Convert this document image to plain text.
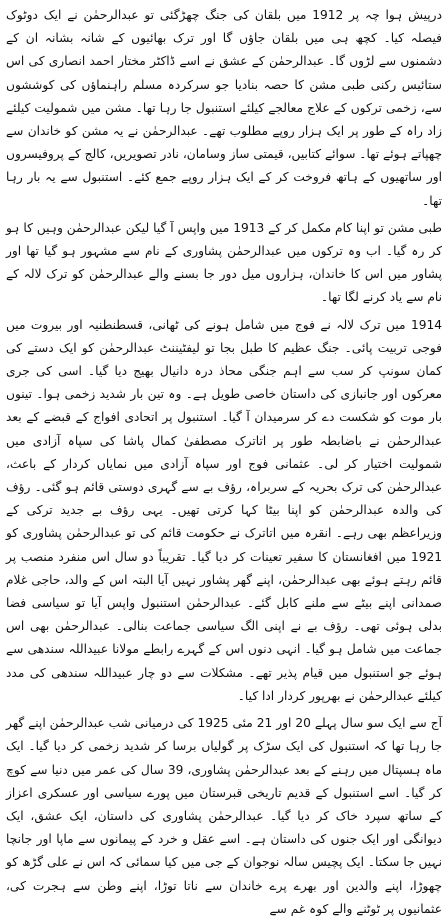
درپیش ہوا چہ پر 1912 میں بلقان کی جنگ چھڑگئی تو عبدالرحمٰن نے ایک دوٹوک فیصلہ کیا۔ کچھ ہی میں بلقان جاؤں گا اور ترک بھائیوں کے شانہ بشانہ ان کے دشمنوں سے لڑوں گا۔ عبدالرحمٰن کے عشق نے اسے ڈاکٹر مختار احمد انصاری کی اس ستائیس رکنی طبی مشن کا حصہ بنادیا جو سرکردہ مسلم راہنماؤں کی کوششوں سے، زخمی ترکوں کے علاج معالجے کیلئے استنبول جا رہا تھا۔ مشن میں شمولیت کیلئے زاد راہ کے طور پر ایک ہزار روپے مطلوب تھے۔ عبدالرحمٰن نے یہ مشن کو خاندان سے چھپاتے ہوئے تھا۔ سوائے کتابیں، قیمتی ساز وسامان، نادر تصویریں، کالج کے پروفیسروں اور ساتھیوں کے ہاتھ فروخت کر کے ایک ہزار روپے جمع کئے۔ استنبول سے یہ بار رہا تھا۔

طبی مشن تو اپنا کام مکمل کر کے 1913 میں واپس آ گیا لیکن عبدالرحمٰن وہیں کا ہو کر رہ گیا۔ اب وہ ترکوں میں عبدالرحمٰن پشاوری کے نام سے مشہور ہو گیا تھا اور پشاور میں اس کا خاندان، ہزاروں میل دور جا بسنے والے عبدالرحمٰن کو ترک لالہ کے نام سے یاد کرنے لگا تھا۔

1914 میں ترک لالہ نے فوج میں شامل ہونے کی ٹھانی، قسطنطنیہ اور بیروت میں فوجی تربیت پائی۔ جنگ عظیم کا طبل بجا تو لیفٹیننٹ عبدالرحمٰن کو ایک دستے کی کمان سونپ کر سب سے اہم جنگی محاذ درہ دانیال بھیج دیا گیا۔ اسی کی جری معرکوں اور جانبازی کی داستان خاصی طویل ہے۔ وہ تین بار شدید زخمی ہوا۔ تینوں بار موت کو شکست دے کر سرمیدان آ گیا۔ استنبول پر اتحادی افواج کے قبضے کے بعد عبدالرحمٰن نے باضابطہ طور پر اتاترک مصطفیٰ کمال پاشا کی سپاہ آزادی میں شمولیت اختیار کر لی۔ عثمانی فوج اور سپاہ آزادی میں نمایاں کردار کے باعث، عبدالرحمٰن کی ترک بحریہ کے سربراہ، رؤف بے سے گہری دوستی قائم ہو گئی۔ رؤف کی والدہ عبدالرحمٰن کو اپنا بیٹا کہا کرتی تھیں۔ یہی رؤف بے جدید ترکی کے وزیراعظم بھی رہے۔ انقرہ میں اتاترک نے حکومت قائم کی تو عبدالرحمٰن پشاوری کو 1921 میں افغانستان کا سفیر تعینات کر دیا گیا۔ تقریباً دو سال اس منفرد منصب پر قائم رہتے ہوئے بھی عبدالرحمٰن، اپنے گھر پشاور نہیں آیا البتہ اس کے والد، حاجی غلام صمدانی اپنے بیٹے سے ملنے کابل گئے۔ عبدالرحمٰن استنبول واپس آیا تو سیاسی فضا بدلی ہوئی تھی۔ رؤف بے نے اپنی الگ سیاسی جماعت بنالی۔ عبدالرحمٰن بھی اس جماعت میں شامل ہو گیا۔ انہی دنوں اس کے گہرے رابطے مولانا عبیداللہ سندھی سے ہوئے جو استنبول میں قیام پذیر تھے۔ مشکلات سے دو چار عبیداللہ سندھی کی مدد کیلئے عبدالرحمٰن نے بھرپور کردار ادا کیا۔

آج سے ایک سو سال پہلے 20 اور 21 مئی 1925 کی درمیانی شب عبدالرحمٰن اپنے گھر جا رہا تھا کہ استنبول کی ایک سڑک پر گولیاں برسا کر شدید زخمی کر دیا گیا۔ ایک ماہ ہسپتال میں رہنے کے بعد عبدالرحمٰن پشاوری، 39 سال کی عمر میں دنیا سے کوچ کر گیا۔ اسے استنبول کے قدیم تاریخی قبرستان میں پورے سیاسی اور عسکری اعزاز کے ساتھ سپرد خاک کر دیا گیا۔ عبدالرحمٰن پشاوری کی داستان، ایک عشق، ایک دیوانگی اور ایک جنوں کی داستان ہے۔ اسے عقل و خرد کے پیمانوں سے ماپا اور جانچا نہیں جا سکتا۔ ایک پچیس سالہ نوجوان کے جی میں کیا سمائی کہ اس نے علی گڑھ کو چھوڑا، اپنے والدین اور بھرے پرے خاندان سے ناتا توڑا، اپنے وطن سے ہجرت کی، عثمانیوں پر ٹوٹنے والے کوہ غم سے
